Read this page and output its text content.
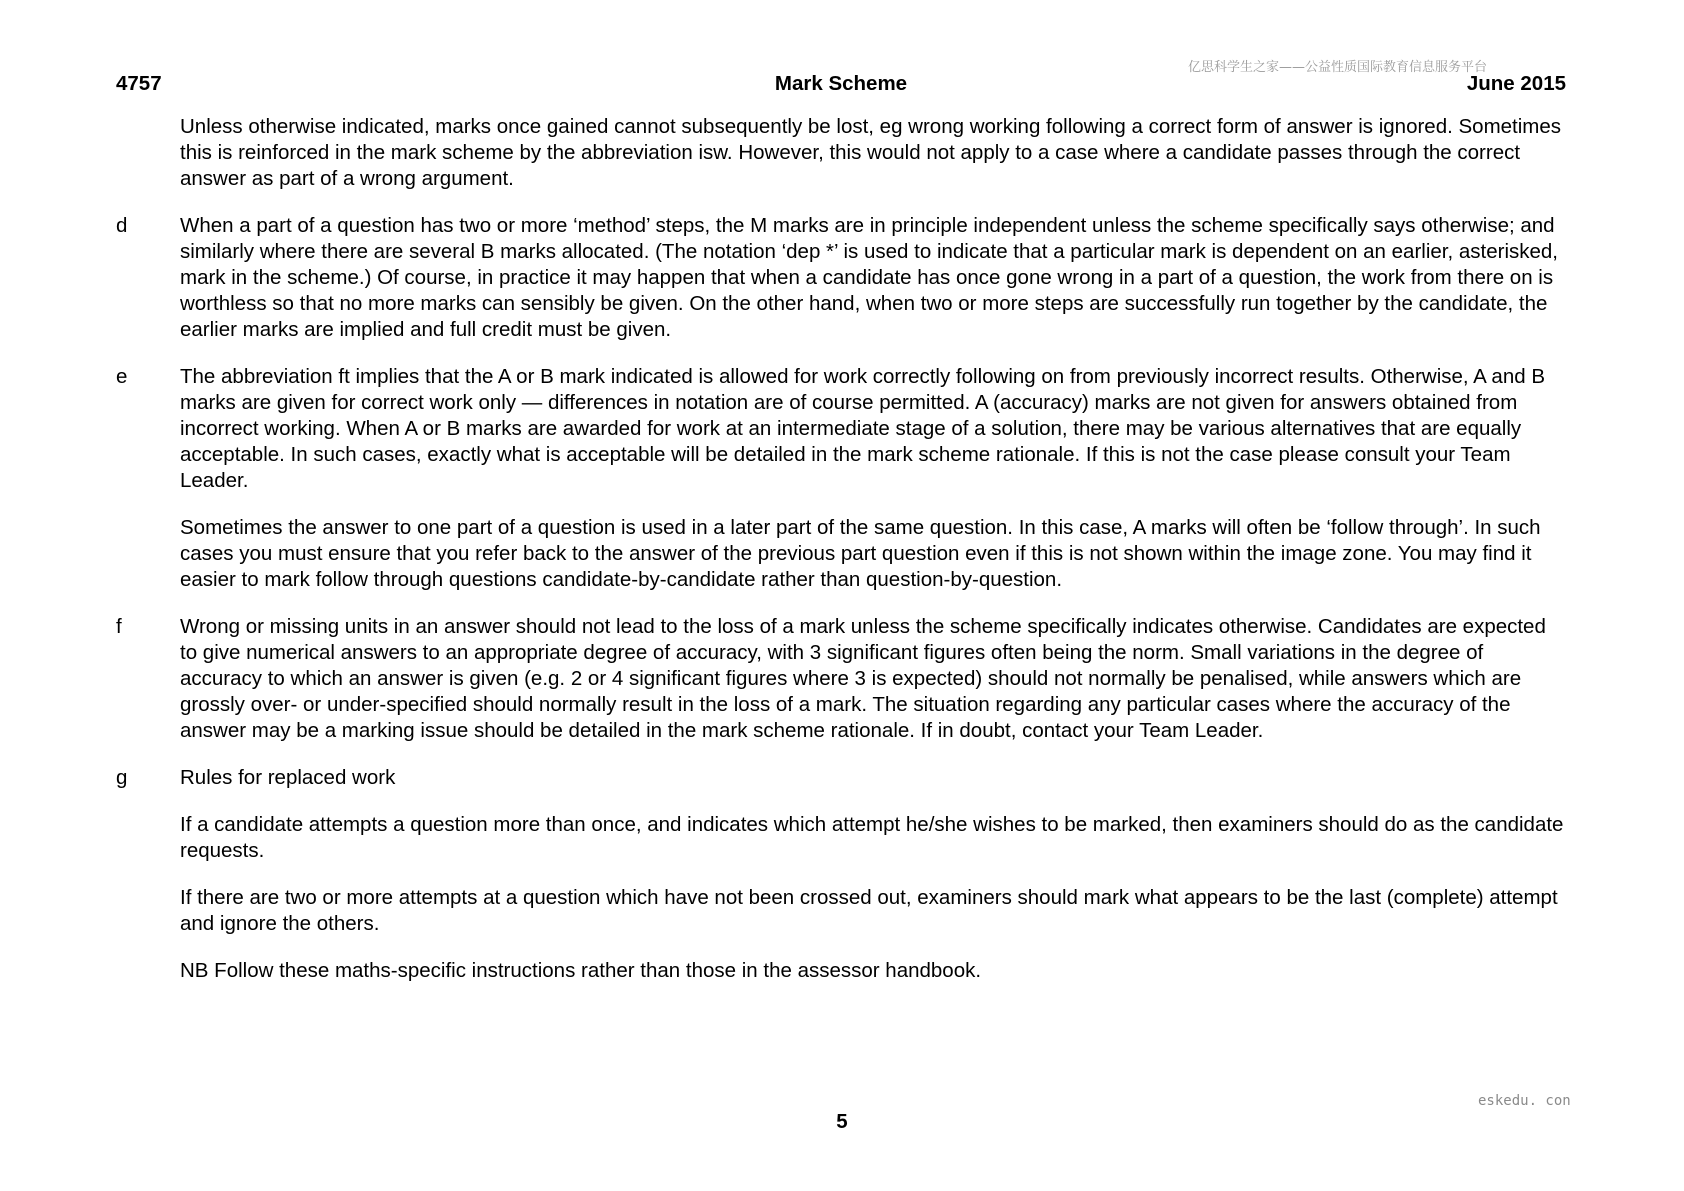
亿思科学生之家——公益性质国际教育信息服务平台
4757	Mark Scheme	June 2015

Unless otherwise indicated, marks once gained cannot subsequently be lost, eg wrong working following a correct form of answer is ignored. Sometimes this is reinforced in the mark scheme by the abbreviation isw. However, this would not apply to a case where a candidate passes through the correct answer as part of a wrong argument.

d	When a part of a question has two or more ‘method’ steps, the M marks are in principle independent unless the scheme specifically says otherwise; and similarly where there are several B marks allocated. (The notation ‘dep *’ is used to indicate that a particular mark is dependent on an earlier, asterisked, mark in the scheme.) Of course, in practice it may happen that when a candidate has once gone wrong in a part of a question, the work from there on is worthless so that no more marks can sensibly be given. On the other hand, when two or more steps are successfully run together by the candidate, the earlier marks are implied and full credit must be given.

e	The abbreviation ft implies that the A or B mark indicated is allowed for work correctly following on from previously incorrect results. Otherwise, A and B marks are given for correct work only — differences in notation are of course permitted. A (accuracy) marks are not given for answers obtained from incorrect working. When A or B marks are awarded for work at an intermediate stage of a solution, there may be various alternatives that are equally acceptable. In such cases, exactly what is acceptable will be detailed in the mark scheme rationale. If this is not the case please consult your Team Leader.

Sometimes the answer to one part of a question is used in a later part of the same question. In this case, A marks will often be ‘follow through’. In such cases you must ensure that you refer back to the answer of the previous part question even if this is not shown within the image zone. You may find it easier to mark follow through questions candidate-by-candidate rather than question-by-question.

f	Wrong or missing units in an answer should not lead to the loss of a mark unless the scheme specifically indicates otherwise. Candidates are expected to give numerical answers to an appropriate degree of accuracy, with 3 significant figures often being the norm. Small variations in the degree of accuracy to which an answer is given (e.g. 2 or 4 significant figures where 3 is expected) should not normally be penalised, while answers which are grossly over- or under-specified should normally result in the loss of a mark. The situation regarding any particular cases where the accuracy of the answer may be a marking issue should be detailed in the mark scheme rationale. If in doubt, contact your Team Leader.

g	Rules for replaced work

If a candidate attempts a question more than once, and indicates which attempt he/she wishes to be marked, then examiners should do as the candidate requests.

If there are two or more attempts at a question which have not been crossed out, examiners should mark what appears to be the last (complete) attempt and ignore the others.

NB Follow these maths-specific instructions rather than those in the assessor handbook.

eskedu. con
5
